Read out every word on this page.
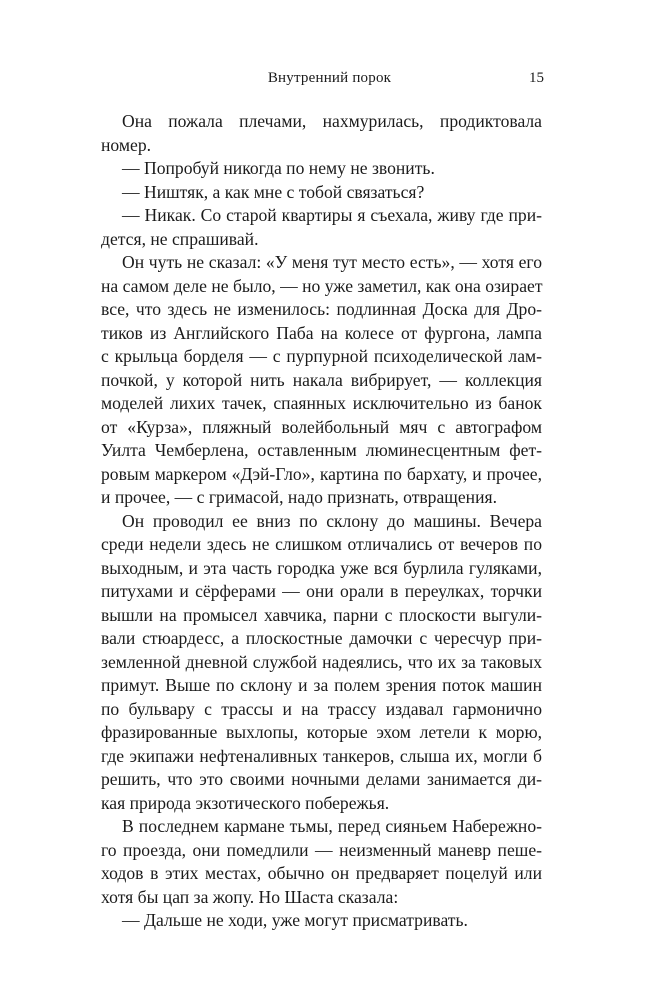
Внутренний порок	15
Она пожала плечами, нахмурилась, продиктовала
номер.
— Попробуй никогда по нему не звонить.
— Ништяк, а как мне с тобой связаться?
— Никак. Со старой квартиры я съехала, живу где при-
дется, не спрашивай.
Он чуть не сказал: «У меня тут место есть», — хотя его
на самом деле не было, — но уже заметил, как она озирает
все, что здесь не изменилось: подлинная Доска для Дро-
тиков из Английского Паба на колесе от фургона, лампа
с крыльца борделя — с пурпурной психоделической лам-
почкой, у которой нить накала вибрирует, — коллекция
моделей лихих тачек, спаянных исключительно из банок
от «Курза», пляжный волейбольный мяч с автографом
Уилта Чемберлена, оставленным люминесцентным фет-
ровым маркером «Дэй-Гло», картина по бархату, и прочее,
и прочее, — с гримасой, надо признать, отвращения.
Он проводил ее вниз по склону до машины. Вечера
среди недели здесь не слишком отличались от вечеров по
выходным, и эта часть городка уже вся бурлила гуляками,
питухами и сёрферами — они орали в переулках, торчки
вышли на промысел хавчика, парни с плоскости выгули-
вали стюардесс, а плоскостные дамочки с чересчур при-
земленной дневной службой надеялись, что их за таковых
примут. Выше по склону и за полем зрения поток машин
по бульвару с трассы и на трассу издавал гармонично
фразированные выхлопы, которые эхом летели к морю,
где экипажи нефтеналивных танкеров, слыша их, могли б
решить, что это своими ночными делами занимается ди-
кая природа экзотического побережья.
В последнем кармане тьмы, перед сияньем Набережно-
го проезда, они помедлили — неизменный маневр пеше-
ходов в этих местах, обычно он предваряет поцелуй или
хотя бы цап за жопу. Но Шаста сказала:
— Дальше не ходи, уже могут присматривать.
